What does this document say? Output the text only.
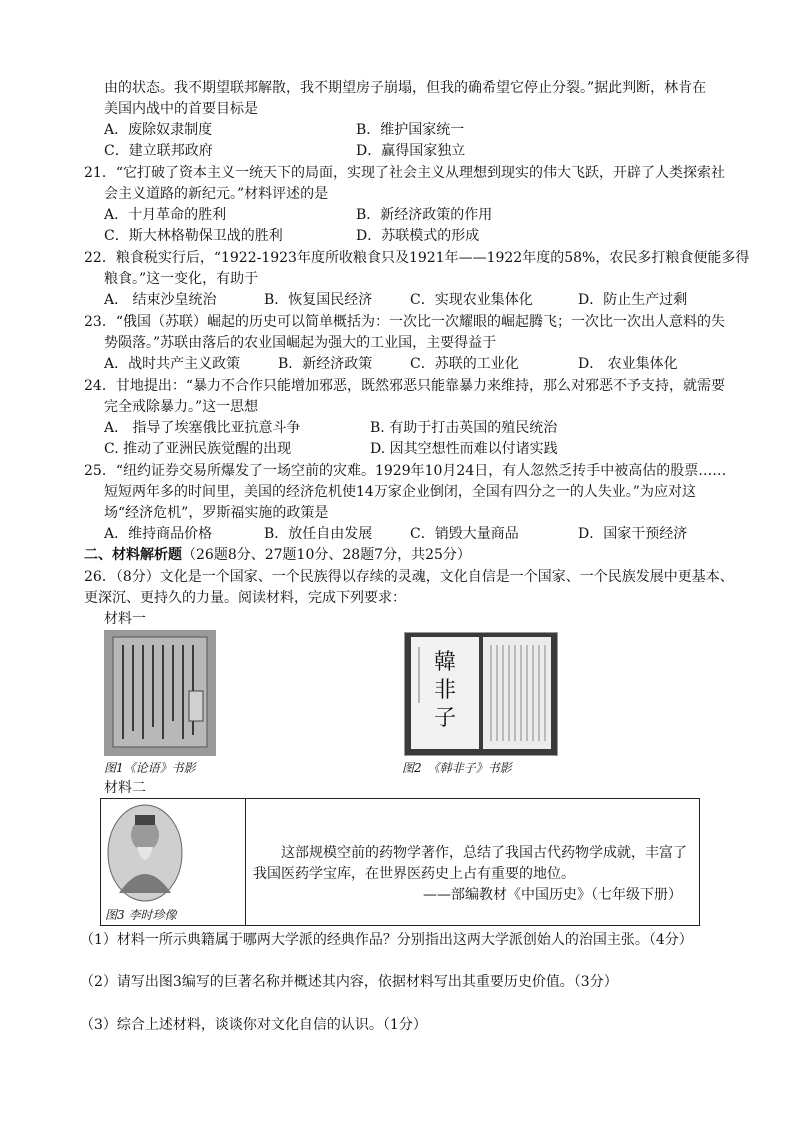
由的状态。我不期望联邦解散，我不期望房子崩塌，但我的确希望它停止分裂。”据此判断，林肯在
美国内战中的首要目标是
A．废除奴隶制度	B．维护国家统一
C．建立联邦政府	D．赢得国家独立
21．“它打破了资本主义一统天下的局面，实现了社会主义从理想到现实的伟大飞跃，开辟了人类探索社
会主义道路的新纪元。”材料评述的是
A．十月革命的胜利	B．新经济政策的作用
C．斯大林格勒保卫战的胜利	D．苏联模式的形成
22．粮食税实行后，“1922-1923年度所收粮食只及1921年——1922年度的58%，农民多打粮食便能多得
粮食。”这一变化，有助于
A． 结束沙皇统治	B．恢复国民经济	C．实现农业集体化	D．防止生产过剩
23．“俄国（苏联）崛起的历史可以简单概括为：一次比一次耀眼的崛起腾飞；一次比一次出人意料的失
势陨落。”苏联由落后的农业国崛起为强大的工业国，主要得益于
A．战时共产主义政策	B．新经济政策	C．苏联的工业化	D． 农业集体化
24．甘地提出：“暴力不合作只能增加邪恶，既然邪恶只能靠暴力来维持，那么对邪恶不予支持，就需要
完全戒除暴力。”这一思想
A． 指导了埃塞俄比亚抗意斗争	B. 有助于打击英国的殖民统治
C. 推动了亚洲民族觉醒的出现	D. 因其空想性而难以付诸实践
25．“纽约证券交易所爆发了一场空前的灾难。1929年10月24日，有人忽然乏抟手中被高估的股票……
短短两年多的时间里，美国的经济危机使14万家企业倒闭，全国有四分之一的人失业。”为应对这
场“经济危机”，罗斯福实施的政策是
A．维持商品价格	B．放任自由发展	C．销毁大量商品	D．国家干预经济
二、材料解析题（26题8分、27题10分、28题7分，共25分）
26．（8分）文化是一个国家、一个民族得以存续的灵魂，文化自信是一个国家、一个民族发展中更基本、
更深沉、更持久的力量。阅读材料，完成下列要求：
材料一
韓
非
子
图1《论语》书影	图2　《韩非子》书影
材料二
图3 李时珍像
这部规模空前的药物学著作，总结了我国古代药物学成就，丰富了
我国医药学宝库，在世界医药史上占有重要的地位。
——部编教材《中国历史》（七年级下册）
（1）材料一所示典籍属于哪两大学派的经典作品？分别指出这两大学派创始人的治国主张。（4分）
（2）请写出图3编写的巨著名称并概述其内容，依据材料写出其重要历史价值。（3分）
（3）综合上述材料，谈谈你对文化自信的认识。（1分）
